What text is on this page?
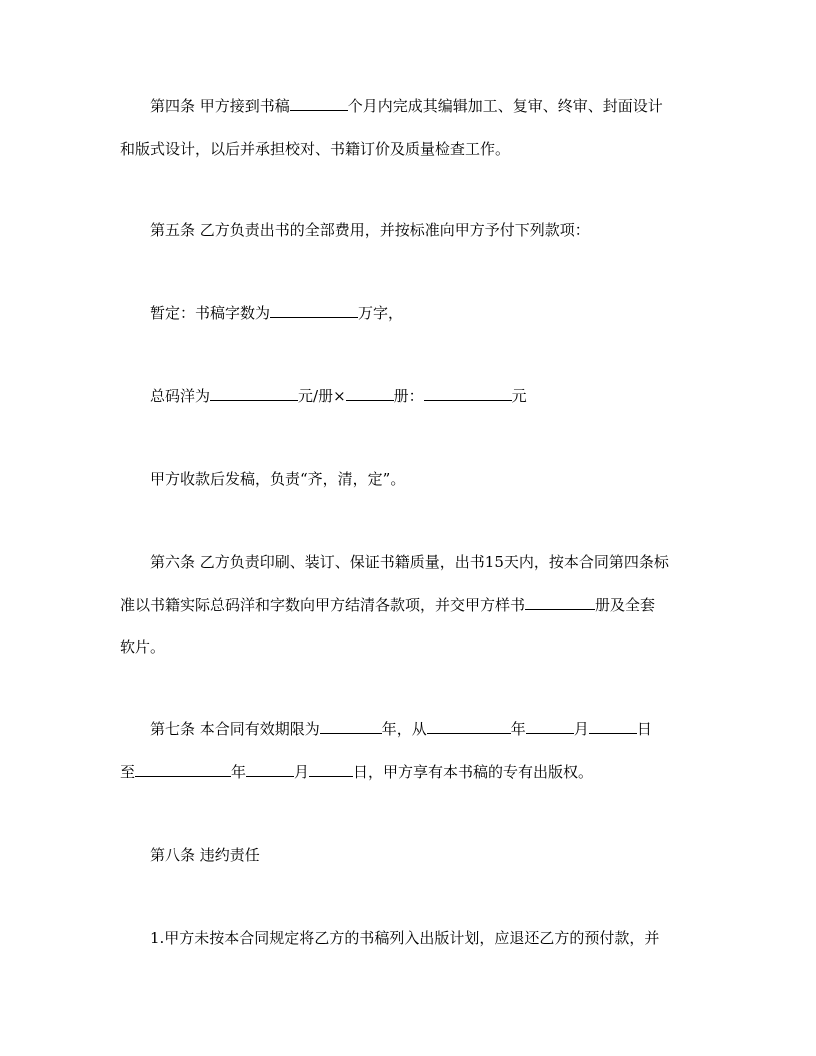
第四条 甲方接到书稿	个月内完成其编辑加工、复审、终审、封面设计
和版式设计，以后并承担校对、书籍订价及质量检查工作。
第五条 乙方负责出书的全部费用，并按标准向甲方予付下列款项：
暂定：书稿字数为	万字，
总码洋为	元/册×	册：	元
甲方收款后发稿，负责“齐，清，定”。
第六条 乙方负责印刷、装订、保证书籍质量，出书15天内，按本合同第四条标
准以书籍实际总码洋和字数向甲方结清各款项，并交甲方样书	册及全套
软片。
第七条 本合同有效期限为	年，从	年	月	日
至	年	月	日，甲方享有本书稿的专有出版权。
第八条 违约责任
1.甲方未按本合同规定将乙方的书稿列入出版计划，应退还乙方的预付款，并
